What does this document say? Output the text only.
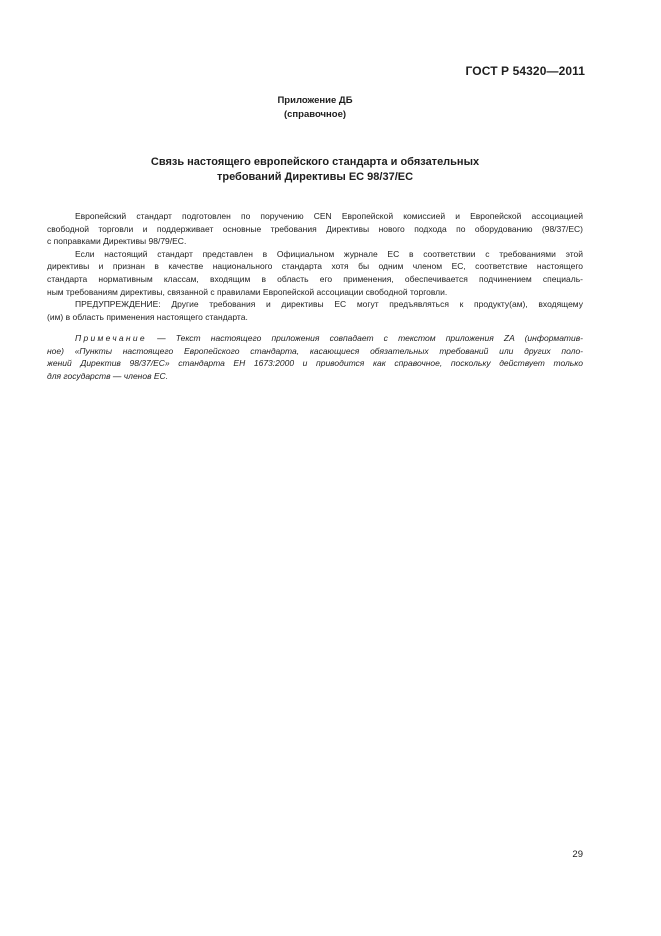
ГОСТ Р 54320—2011
Приложение ДБ
(справочное)
Связь настоящего европейского стандарта и обязательных
требований Директивы ЕС 98/37/ЕС
Европейский стандарт подготовлен по поручению CEN Европейской комиссией и Европейской ассоциацией
свободной торговли и поддерживает основные требования Директивы нового подхода по оборудованию (98/37/ЕС)
с поправками Директивы 98/79/ЕС.
Если настоящий стандарт представлен в Официальном журнале ЕС в соответствии с требованиями этой
директивы и признан в качестве национального стандарта хотя бы одним членом ЕС, соответствие настоящего
стандарта нормативным классам, входящим в область его применения, обеспечивается подчинением специаль-
ным требованиям директивы, связанной с правилами Европейской ассоциации свободной торговли.
ПРЕДУПРЕЖДЕНИЕ: Другие требования и директивы ЕС могут предъявляться к продукту(ам), входящему
(им) в область применения настоящего стандарта.
Примечание — Текст настоящего приложения совпадает с текстом приложения ZA (информатив-
ное) «Пункты настоящего Европейского стандарта, касающиеся обязательных требований или других поло-
жений Директив 98/37/ЕС» стандарта ЕН 1673:2000 и приводится как справочное, поскольку действует только
для государств — членов ЕС.
29
